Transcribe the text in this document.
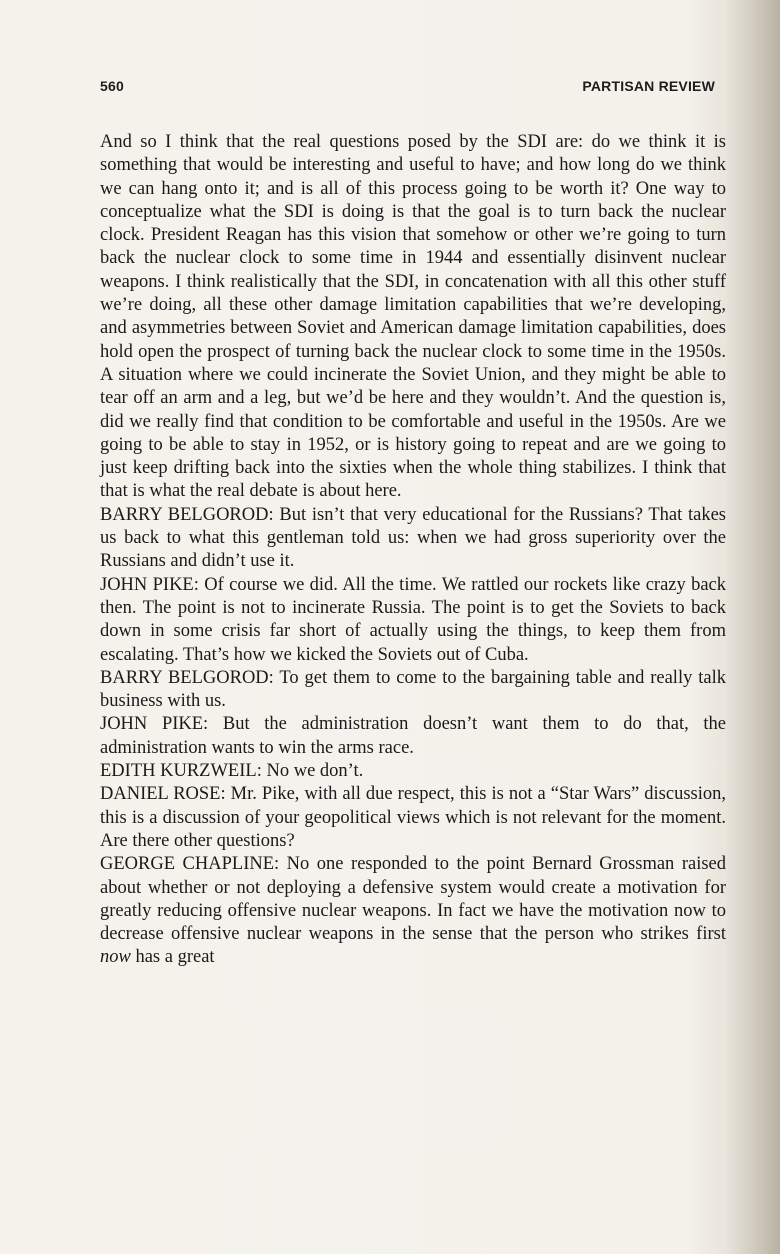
560	PARTISAN REVIEW

And so I think that the real questions posed by the SDI are: do we think it is something that would be interesting and useful to have; and how long do we think we can hang onto it; and is all of this process going to be worth it? One way to conceptualize what the SDI is doing is that the goal is to turn back the nuclear clock. President Reagan has this vision that somehow or other we’re going to turn back the nuclear clock to some time in 1944 and essentially disinvent nuclear weapons. I think realistically that the SDI, in concatenation with all this other stuff we’re doing, all these other damage limitation capabilities that we’re developing, and asymmetries between Soviet and American damage limitation capabilities, does hold open the prospect of turning back the nuclear clock to some time in the 1950s. A situation where we could incinerate the Soviet Union, and they might be able to tear off an arm and a leg, but we’d be here and they wouldn’t. And the question is, did we really find that condition to be comfortable and useful in the 1950s. Are we going to be able to stay in 1952, or is history going to repeat and are we going to just keep drifting back into the sixties when the whole thing stabilizes. I think that that is what the real debate is about here.

BARRY BELGOROD: But isn’t that very educational for the Russians? That takes us back to what this gentleman told us: when we had gross superiority over the Russians and didn’t use it.

JOHN PIKE: Of course we did. All the time. We rattled our rockets like crazy back then. The point is not to incinerate Russia. The point is to get the Soviets to back down in some crisis far short of actually using the things, to keep them from escalating. That’s how we kicked the Soviets out of Cuba.

BARRY BELGOROD: To get them to come to the bargaining table and really talk business with us.

JOHN PIKE: But the administration doesn’t want them to do that, the administration wants to win the arms race.

EDITH KURZWEIL: No we don’t.

DANIEL ROSE: Mr. Pike, with all due respect, this is not a “Star Wars” discussion, this is a discussion of your geopolitical views which is not relevant for the moment. Are there other questions?

GEORGE CHAPLINE: No one responded to the point Bernard Grossman raised about whether or not deploying a defensive system would create a motivation for greatly reducing offensive nuclear weapons. In fact we have the motivation now to decrease offensive nuclear weapons in the sense that the person who strikes first now has a great
